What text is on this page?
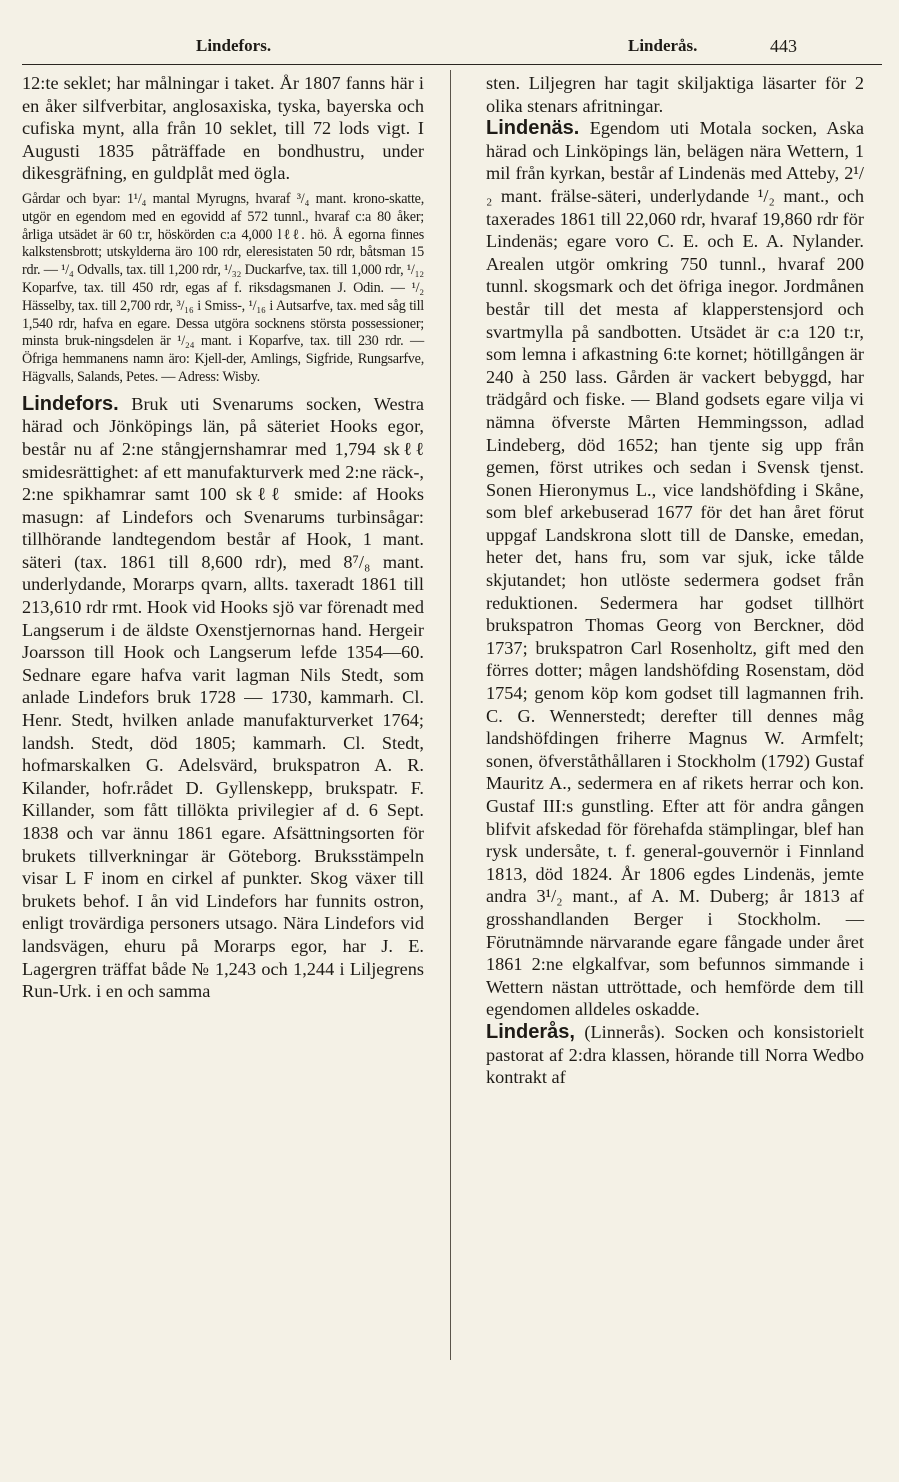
Lindefors.	Linderås.	443

12:te seklet; har målningar i taket. År 1807 fanns här i en åker silfverbitar, anglosaxiska, tyska, bayerska och cufiska mynt, alla från 10 seklet, till 72 lods vigt. I Augusti 1835 påträffade en bondhustru, under dikesgräfning, en guldplåt med ögla.

Gårdar och byar: 1¹/₄ mantal Myrugns, hvaraf ³/₄ mant. krono-skatte, utgör en egendom med en egovidd af 572 tunnl., hvaraf c:a 80 åker; årliga utsädet är 60 t:r, höskörden c:a 4,000 lℓℓ. hö. Å egorna finnes kalkstensbrott; utskylderna äro 100 rdr, eleresistaten 50 rdr, båtsman 15 rdr. — ¹/₄ Odvalls, tax. till 1,200 rdr, ¹/₃₂ Duckarfve, tax. till 1,000 rdr, ¹/₁₂ Koparfve, tax. till 450 rdr, egas af f. riksdagsmanen J. Odin. — ¹/₂ Hässelby, tax. till 2,700 rdr, ³/₁₆ i Smiss-, ¹/₁₆ i Autsarfve, tax. med såg till 1,540 rdr, hafva en egare. Dessa utgöra socknens största possessioner; minsta bruk-ningsdelen är ¹/₂₄ mant. i Koparfve, tax. till 230 rdr. — Öfriga hemmanens namn äro: Kjell-der, Amlings, Sigfride, Rungsarfve, Hägvalls, Salands, Petes. — Adress: Wisby.

Lindefors. Bruk uti Svenarums socken, Westra härad och Jönköpings län, på säteriet Hooks egor, består nu af 2:ne stångjernshamrar med 1,794 skℓℓ smidesrättighet: af ett manufakturverk med 2:ne räck-, 2:ne spikhamrar samt 100 skℓℓ smide: af Hooks masugn: af Lindefors och Svenarums turbinsågar: tillhörande landtegendom består af Hook, 1 mant. säteri (tax. 1861 till 8,600 rdr), med 8⁷/₈ mant. underlydande, Morarps qvarn, allts. taxeradt 1861 till 213,610 rdr rmt. Hook vid Hooks sjö var förenadt med Langserum i de äldste Oxenstjernornas hand. Hergeir Joarsson till Hook och Langserum lefde 1354—60. Sednare egare hafva varit lagman Nils Stedt, som anlade Lindefors bruk 1728 — 1730, kammarh. Cl. Henr. Stedt, hvilken anlade manufakturverket 1764; landsh. Stedt, död 1805; kammarh. Cl. Stedt, hofmarskalken G. Adelsvärd, brukspatron A. R. Kilander, hofr.rådet D. Gyllenskepp, brukspatr. F. Killander, som fått tillökta privilegier af d. 6 Sept. 1838 och var ännu 1861 egare. Afsättningsorten för brukets tillverkningar är Göteborg. Bruksstämpeln visar L F inom en cirkel af punkter. Skog växer till brukets behof. I ån vid Lindefors har funnits ostron, enligt trovärdiga personers utsago. Nära Lindefors vid landsvägen, ehuru på Morarps egor, har J. E. Lagergren träffat både № 1,243 och 1,244 i Liljegrens Run-Urk. i en och samma

sten. Liljegren har tagit skiljaktiga läsarter för 2 olika stenars afritningar.

Lindenäs. Egendom uti Motala socken, Aska härad och Linköpings län, belägen nära Wettern, 1 mil från kyrkan, består af Lindenäs med Atteby, 2¹/₂ mant. frälse-säteri, underlydande ¹/₂ mant., och taxerades 1861 till 22,060 rdr, hvaraf 19,860 rdr för Lindenäs; egare voro C. E. och E. A. Nylander. Arealen utgör omkring 750 tunnl., hvaraf 200 tunnl. skogsmark och det öfriga inegor. Jordmånen består till det mesta af klapperstensjord och svartmylla på sandbotten. Utsädet är c:a 120 t:r, som lemna i afkastning 6:te kornet; hötillgången är 240 à 250 lass. Gården är vackert bebyggd, har trädgård och fiske. — Bland godsets egare vilja vi nämna öfverste Mårten Hemmingsson, adlad Lindeberg, död 1652; han tjente sig upp från gemen, först utrikes och sedan i Svensk tjenst. Sonen Hieronymus L., vice landshöfding i Skåne, som blef arkebuserad 1677 för det han året förut uppgaf Landskrona slott till de Danske, emedan, heter det, hans fru, som var sjuk, icke tålde skjutandet; hon utlöste sedermera godset från reduktionen. Sedermera har godset tillhört brukspatron Thomas Georg von Berckner, död 1737; brukspatron Carl Rosenholtz, gift med den förres dotter; mågen landshöfding Rosenstam, död 1754; genom köp kom godset till lagmannen frih. C. G. Wennerstedt; derefter till dennes måg landshöfdingen friherre Magnus W. Armfelt; sonen, öfverståthållaren i Stockholm (1792) Gustaf Mauritz A., sedermera en af rikets herrar och kon. Gustaf III:s gunstling. Efter att för andra gången blifvit afskedad för förehafda stämplingar, blef han rysk undersåte, t. f. general-gouvernör i Finnland 1813, död 1824. År 1806 egdes Lindenäs, jemte andra 3¹/₂ mant., af A. M. Duberg; år 1813 af grosshandlanden Berger i Stockholm. — Förutnämnde närvarande egare fångade under året 1861 2:ne elgkalfvar, som befunnos simmande i Wettern nästan uttröttade, och hemförde dem till egendomen alldeles oskadde.

Linderås, (Linnerås). Socken och konsistorielt pastorat af 2:dra klassen, hörande till Norra Wedbo kontrakt af
